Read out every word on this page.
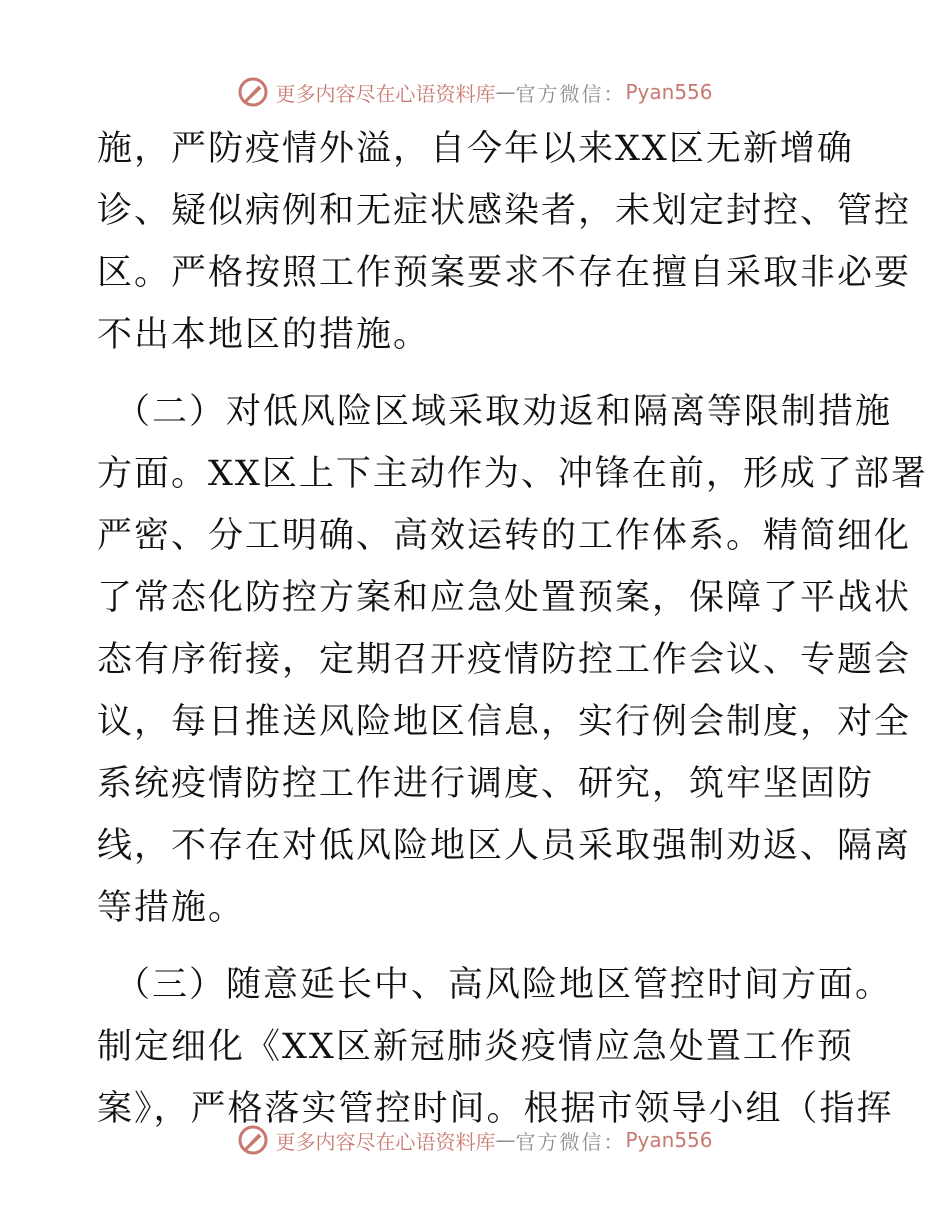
更多内容尽在心语资料库 — 官方微信： Pyan556
施，严防疫情外溢，自今年以来XX区无新增确
诊、疑似病例和无症状感染者，未划定封控、管控
区。严格按照工作预案要求不存在擅自采取非必要
不出本地区的措施。
（二）对低风险区域采取劝返和隔离等限制措施
方面。XX区上下主动作为、冲锋在前，形成了部署
严密、分工明确、高效运转的工作体系。精简细化
了常态化防控方案和应急处置预案，保障了平战状
态有序衔接，定期召开疫情防控工作会议、专题会
议，每日推送风险地区信息，实行例会制度，对全
系统疫情防控工作进行调度、研究，筑牢坚固防
线，不存在对低风险地区人员采取强制劝返、隔离
等措施。
（三）随意延长中、高风险地区管控时间方面。
制定细化《XX区新冠肺炎疫情应急处置工作预
案》，严格落实管控时间。根据市领导小组（指挥
更多内容尽在心语资料库 — 官方微信： Pyan556
